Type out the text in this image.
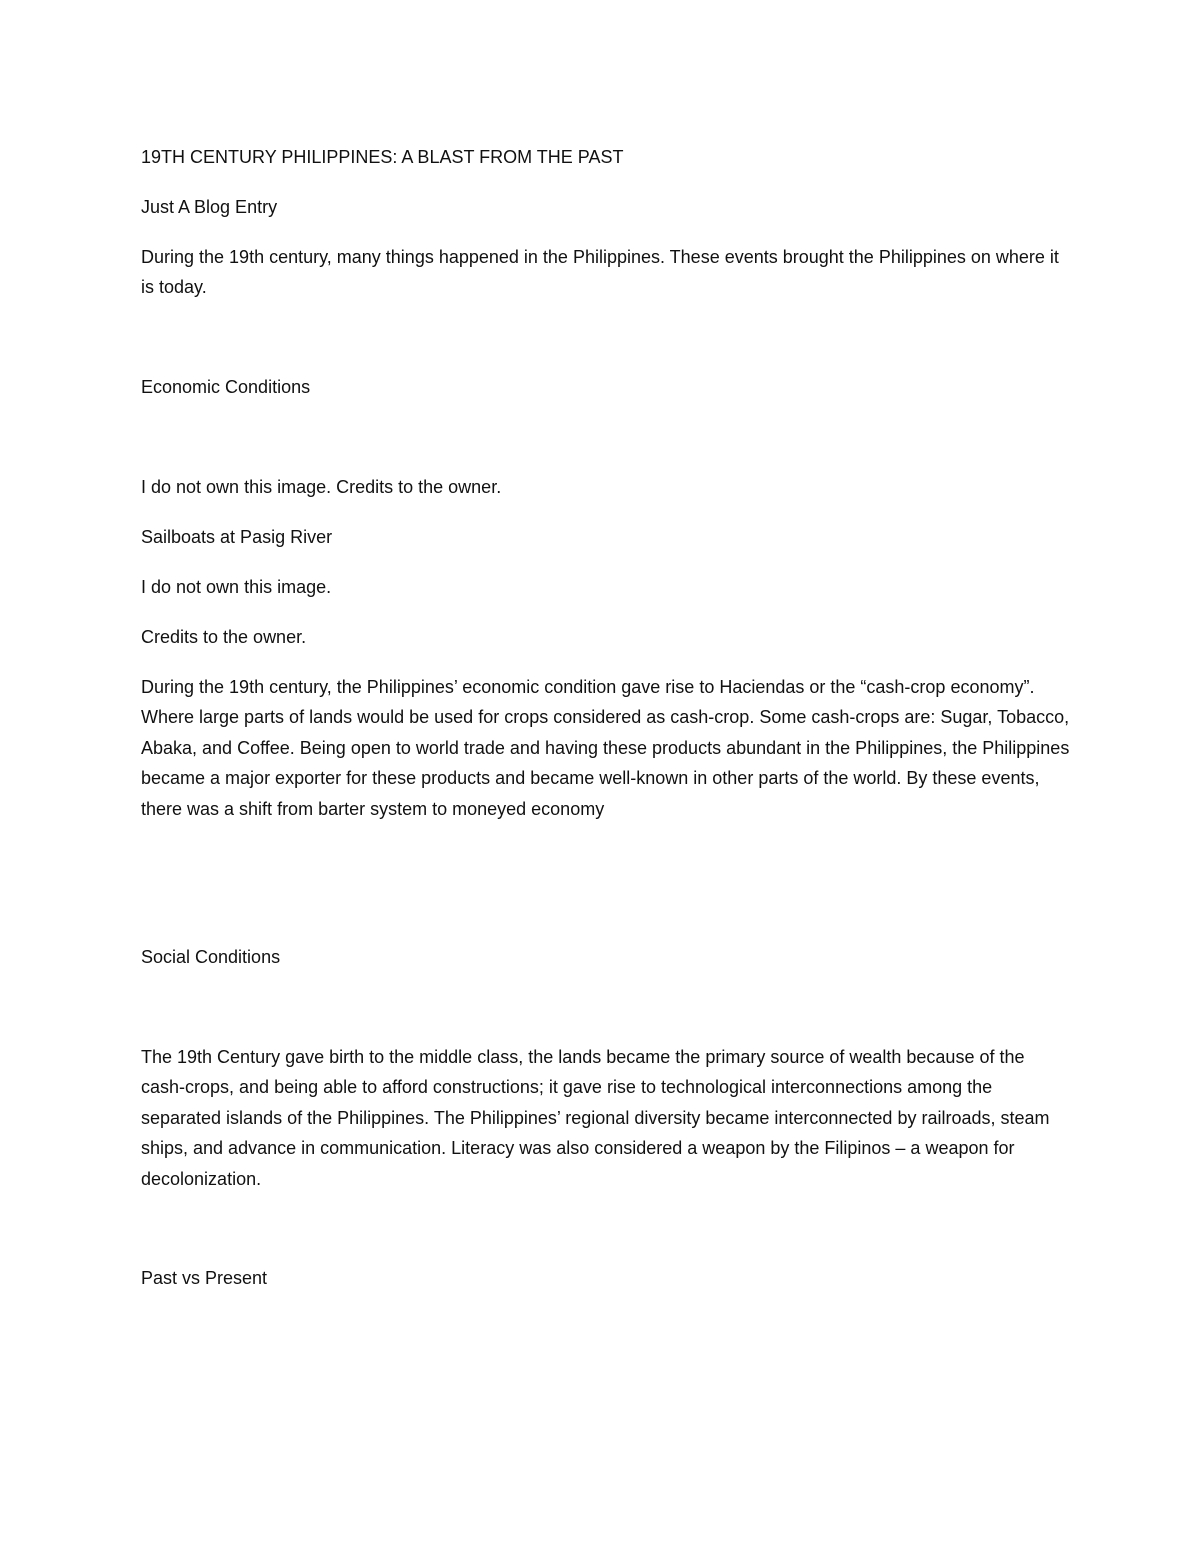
19TH CENTURY PHILIPPINES: A BLAST FROM THE PAST

Just A Blog Entry

During the 19th century, many things happened in the Philippines. These events brought the Philippines on where it is today.

Economic Conditions

I do not own this image. Credits to the owner.

Sailboats at Pasig River

I do not own this image.

Credits to the owner.

During the 19th century, the Philippines’ economic condition gave rise to Haciendas or the “cash-crop economy”. Where large parts of lands would be used for crops considered as cash-crop. Some cash-crops are: Sugar, Tobacco, Abaka, and Coffee. Being open to world trade and having these products abundant in the Philippines, the Philippines became a major exporter for these products and became well-known in other parts of the world. By these events, there was a shift from barter system to moneyed economy

Social Conditions

The 19th Century gave birth to the middle class, the lands became the primary source of wealth because of the cash-crops, and being able to afford constructions; it gave rise to technological interconnections among the separated islands of the Philippines. The Philippines’ regional diversity became interconnected by railroads, steam ships, and advance in communication. Literacy was also considered a weapon by the Filipinos – a weapon for decolonization.

Past vs Present
